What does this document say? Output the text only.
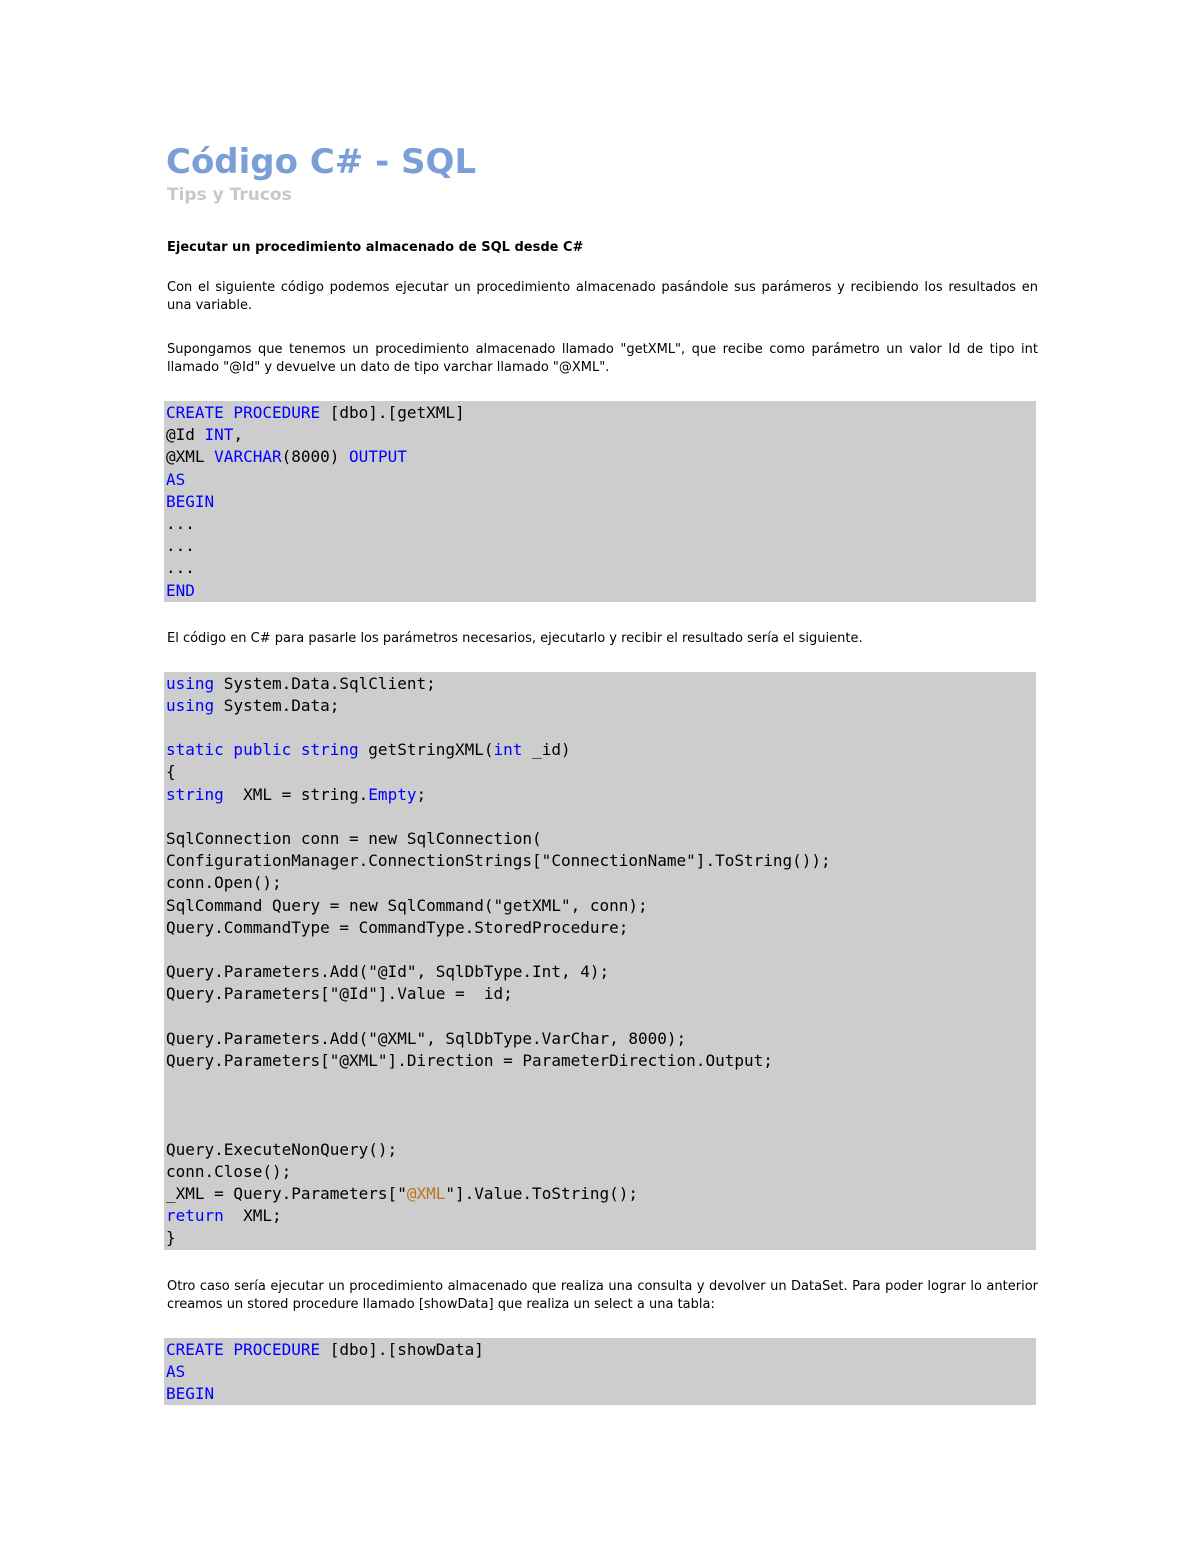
Código C# - SQL
Tips y Trucos
Ejecutar un procedimiento almacenado de SQL desde C#

Con el siguiente código podemos ejecutar un procedimiento almacenado pasándole sus parámeros y recibiendo los resultados en una variable.

Supongamos que tenemos un procedimiento almacenado llamado "getXML", que recibe como parámetro un valor Id de tipo int llamado "@Id" y devuelve un dato de tipo varchar llamado "@XML".

CREATE PROCEDURE [dbo].[getXML]
@Id INT,
@XML VARCHAR(8000) OUTPUT
AS
BEGIN
...
...
...
END

El código en C# para pasarle los parámetros necesarios, ejecutarlo y recibir el resultado sería el siguiente.

using System.Data.SqlClient;
using System.Data;

static public string getStringXML(int _id)
{
string  XML = string.Empty;

SqlConnection conn = new SqlConnection(
ConfigurationManager.ConnectionStrings["ConnectionName"].ToString());
conn.Open();
SqlCommand Query = new SqlCommand("getXML", conn);
Query.CommandType = CommandType.StoredProcedure;

Query.Parameters.Add("@Id", SqlDbType.Int, 4);
Query.Parameters["@Id"].Value =  id;

Query.Parameters.Add("@XML", SqlDbType.VarChar, 8000);
Query.Parameters["@XML"].Direction = ParameterDirection.Output;

Query.ExecuteNonQuery();
conn.Close();
_XML = Query.Parameters["@XML"].Value.ToString();
return  XML;
}

Otro caso sería ejecutar un procedimiento almacenado que realiza una consulta y devolver un DataSet. Para poder lograr lo anterior creamos un stored procedure llamado [showData] que realiza un select a una tabla:

CREATE PROCEDURE [dbo].[showData]
AS
BEGIN
